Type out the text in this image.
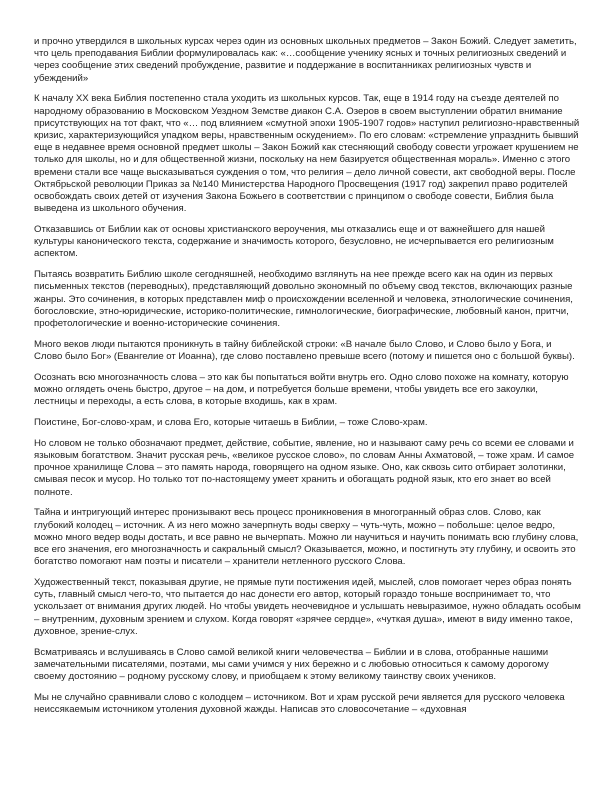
и прочно утвердился в школьных курсах через один из основных школьных предметов – Закон Божий. Следует заметить, что цель преподавания Библии формулировалась как: «…сообщение ученику ясных и точных религиозных сведений и через сообщение этих сведений пробуждение, развитие и поддержание в воспитанниках религиозных чувств и убеждений»

К началу XX века Библия постепенно стала уходить из школьных курсов. Так, еще в 1914 году на съезде деятелей по народному образованию в Московском Уездном Земстве диакон С.А. Озеров в своем выступлении обратил внимание присутствующих на тот факт, что «… под влиянием «смутной эпохи 1905-1907 годов» наступил религиозно-нравственный кризис, характеризующийся упадком веры, нравственным оскудением». По его словам: «стремление упразднить бывший еще в недавнее время основной предмет школы – Закон Божий как стесняющий свободу совести угрожает крушением не только для школы, но и для общественной жизни, поскольку на нем базируется общественная мораль». Именно с этого времени стали все чаще высказываться суждения о том, что религия – дело личной совести, акт свободной веры. После Октябрьской революции Приказ за №140 Министерства Народного Просвещения (1917 год) закрепил право родителей освобождать своих детей от изучения Закона Божьего в соответствии с принципом о свободе совести, Библия была выведена из школьного обучения.

Отказавшись от Библии как от основы христианского вероучения, мы отказались еще и от важнейшего для нашей культуры канонического текста, содержание и значимость которого, безусловно, не исчерпывается его религиозным аспектом.

Пытаясь возвратить Библию школе сегодняшней, необходимо взглянуть на нее прежде всего как на один из первых письменных текстов (переводных), представляющий довольно экономный по объему свод текстов, включающих разные жанры. Это сочинения, в которых представлен миф о происхождении вселенной и человека, этнологические сочинения, богословские, этно-юридические, историко-политические, гимнологические, биографические, любовный канон, притчи, профетологические и военно-исторические сочинения.

Много веков люди пытаются проникнуть в тайну библейской строки: «В начале было Слово, и Слово было у Бога, и Слово было Бог» (Евангелие от Иоанна), где слово поставлено превыше всего (потому и пишется оно с большой буквы).

Осознать всю многозначность слова – это как бы попытаться войти внутрь его. Одно слово похоже на комнату, которую можно оглядеть очень быстро, другое – на дом, и потребуется больше времени, чтобы увидеть все его закоулки, лестницы и переходы, а есть слова, в которые входишь, как в храм.

Поистине, Бог-слово-храм, и слова Его, которые читаешь в Библии, – тоже Слово-храм.

Но словом не только обозначают предмет, действие, событие, явление, но и называют саму речь со всеми ее словами и языковым богатством. Значит русская речь, «великое русское слово», по словам Анны Ахматовой, – тоже храм. И самое прочное хранилище Слова – это память народа, говорящего на одном языке. Оно, как сквозь сито отбирает золотинки, смывая песок и мусор. Но только тот по-настоящему умеет хранить и обогащать родной язык, кто его знает во всей полноте.

Тайна и интригующий интерес пронизывают весь процесс проникновения в многогранный образ слов. Слово, как глубокий колодец – источник. А из него можно зачерпнуть воды сверху – чуть-чуть, можно – побольше: целое ведро, можно много ведер воды достать, и все равно не вычерпать. Можно ли научиться и научить понимать всю глубину слова, все его значения, его многозначность и сакральный смысл? Оказывается, можно, и постигнуть эту глубину, и освоить это богатство помогают нам поэты и писатели – хранители нетленного русского Слова.

Художественный текст, показывая другие, не прямые пути постижения идей, мыслей, слов помогает через образ понять суть, главный смысл чего-то, что пытается до нас донести его автор, который гораздо тоньше воспринимает то, что ускользает от внимания других людей. Но чтобы увидеть неочевидное и услышать невыразимое, нужно обладать особым – внутренним, духовным зрением и слухом. Когда говорят «зрячее сердце», «чуткая душа», имеют в виду именно такое, духовное, зрение-слух.

Всматриваясь и вслушиваясь в Слово самой великой книги человечества – Библии и в слова, отобранные нашими замечательными писателями, поэтами, мы сами учимся у них бережно и с любовью относиться к самому дорогому своему достоянию – родному русскому слову, и приобщаем к этому великому таинству своих учеников.

Мы не случайно сравнивали слово с колодцем – источником. Вот и храм русской речи является для русского человека неиссякаемым источником утоления духовной жажды. Написав это словосочетание – «духовная
